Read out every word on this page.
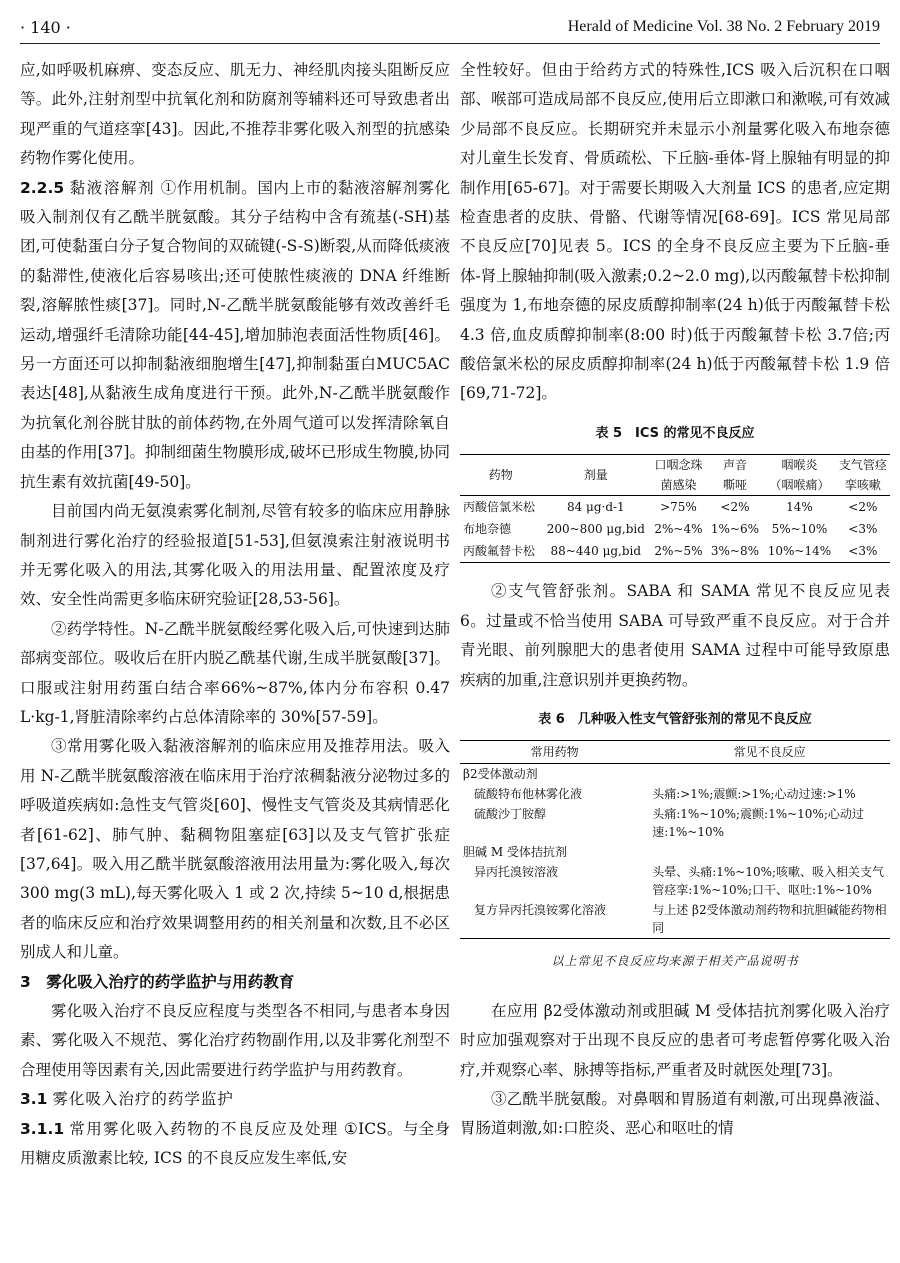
· 140 ·	Herald of Medicine Vol. 38 No. 2 February 2019

应,如呼吸机麻痹、变态反应、肌无力、神经肌肉接头阻断反应等。此外,注射剂型中抗氧化剂和防腐剂等辅料还可导致患者出现严重的气道痉挛[43]。因此,不推荐非雾化吸入剂型的抗感染药物作雾化使用。

2.2.5 黏液溶解剂 ①作用机制。国内上市的黏液溶解剂雾化吸入制剂仅有乙酰半胱氨酸。其分子结构中含有巯基(-SH)基团,可使黏蛋白分子复合物间的双硫键(-S-S)断裂,从而降低痰液的黏滞性,使液化后容易咳出;还可使脓性痰液的 DNA 纤维断裂,溶解脓性痰[37]。同时,N-乙酰半胱氨酸能够有效改善纤毛运动,增强纤毛清除功能[44-45],增加肺泡表面活性物质[46]。另一方面还可以抑制黏液细胞增生[47],抑制黏蛋白MUC5AC 表达[48],从黏液生成角度进行干预。此外,N-乙酰半胱氨酸作为抗氧化剂谷胱甘肽的前体药物,在外周气道可以发挥清除氧自由基的作用[37]。抑制细菌生物膜形成,破坏已形成生物膜,协同抗生素有效抗菌[49-50]。

目前国内尚无氨溴索雾化制剂,尽管有较多的临床应用静脉制剂进行雾化治疗的经验报道[51-53],但氨溴索注射液说明书并无雾化吸入的用法,其雾化吸入的用法用量、配置浓度及疗效、安全性尚需更多临床研究验证[28,53-56]。

②药学特性。N-乙酰半胱氨酸经雾化吸入后,可快速到达肺部病变部位。吸收后在肝内脱乙酰基代谢,生成半胱氨酸[37]。口服或注射用药蛋白结合率66%~87%,体内分布容积 0.47 L·kg-1,肾脏清除率约占总体清除率的 30%[57-59]。

③常用雾化吸入黏液溶解剂的临床应用及推荐用法。吸入用 N-乙酰半胱氨酸溶液在临床用于治疗浓稠黏液分泌物过多的呼吸道疾病如:急性支气管炎[60]、慢性支气管炎及其病情恶化者[61-62]、肺气肿、黏稠物阻塞症[63]以及支气管扩张症[37,64]。吸入用乙酰半胱氨酸溶液用法用量为:雾化吸入,每次 300 mg(3 mL),每天雾化吸入 1 或 2 次,持续 5~10 d,根据患者的临床反应和治疗效果调整用药的相关剂量和次数,且不必区别成人和儿童。

3　雾化吸入治疗的药学监护与用药教育

雾化吸入治疗不良反应程度与类型各不相同,与患者本身因素、雾化吸入不规范、雾化治疗药物副作用,以及非雾化剂型不合理使用等因素有关,因此需要进行药学监护与用药教育。

3.1 雾化吸入治疗的药学监护

3.1.1 常用雾化吸入药物的不良反应及处理 ①ICS。与全身用糖皮质激素比较, ICS 的不良反应发生率低,安

全性较好。但由于给药方式的特殊性,ICS 吸入后沉积在口咽部、喉部可造成局部不良反应,使用后立即漱口和漱喉,可有效减少局部不良反应。长期研究并未显示小剂量雾化吸入布地奈德对儿童生长发育、骨质疏松、下丘脑-垂体-肾上腺轴有明显的抑制作用[65-67]。对于需要长期吸入大剂量 ICS 的患者,应定期检查患者的皮肤、骨骼、代谢等情况[68-69]。ICS 常见局部不良反应[70]见表 5。ICS 的全身不良反应主要为下丘脑-垂体-肾上腺轴抑制(吸入激素;0.2~2.0 mg),以丙酸氟替卡松抑制强度为 1,布地奈德的尿皮质醇抑制率(24 h)低于丙酸氟替卡松 4.3 倍,血皮质醇抑制率(8:00 时)低于丙酸氟替卡松 3.7倍;丙酸倍氯米松的尿皮质醇抑制率(24 h)低于丙酸氟替卡松 1.9 倍[69,71-72]。

表 5　ICS 的常见不良反应
药物	剂量	口咽念珠	声音	咽喉炎	支气管痉
		菌感染	嘶哑	（咽喉痛）	挛咳嗽
丙酸倍氯米松	84 μg·d-1	>75%	<2%	14%	<2%
布地奈德	200~800 μg,bid	2%~4%	1%~6%	5%~10%	<3%
丙酸氟替卡松	88~440 μg,bid	2%~5%	3%~8%	10%~14%	<3%

②支气管舒张剂。SABA 和 SAMA 常见不良反应见表 6。过量或不恰当使用 SABA 可导致严重不良反应。对于合并青光眼、前列腺肥大的患者使用 SAMA 过程中可能导致原患疾病的加重,注意识别并更换药物。

表 6　几种吸入性支气管舒张剂的常见不良反应
常用药物	常见不良反应
β2受体激动剂	
硫酸特布他林雾化液	头痛:>1%;震颤:>1%;心动过速:>1%
硫酸沙丁胺醇	头痛:1%~10%;震颤:1%~10%;心动过速:1%~10%
胆碱 M 受体拮抗剂	
异丙托溴铵溶液	头晕、头痛:1%~10%;咳嗽、吸入相关支气管痉挛:1%~10%;口干、呕吐:1%~10%
复方异丙托溴铵雾化溶液	与上述 β2受体激动剂药物和抗胆碱能药物相同
以上常见不良反应均来源于相关产品说明书

在应用 β2受体激动剂或胆碱 M 受体拮抗剂雾化吸入治疗时应加强观察对于出现不良反应的患者可考虑暂停雾化吸入治疗,并观察心率、脉搏等指标,严重者及时就医处理[73]。

③乙酰半胱氨酸。对鼻咽和胃肠道有刺激,可出现鼻液溢、胃肠道刺激,如:口腔炎、恶心和呕吐的情
